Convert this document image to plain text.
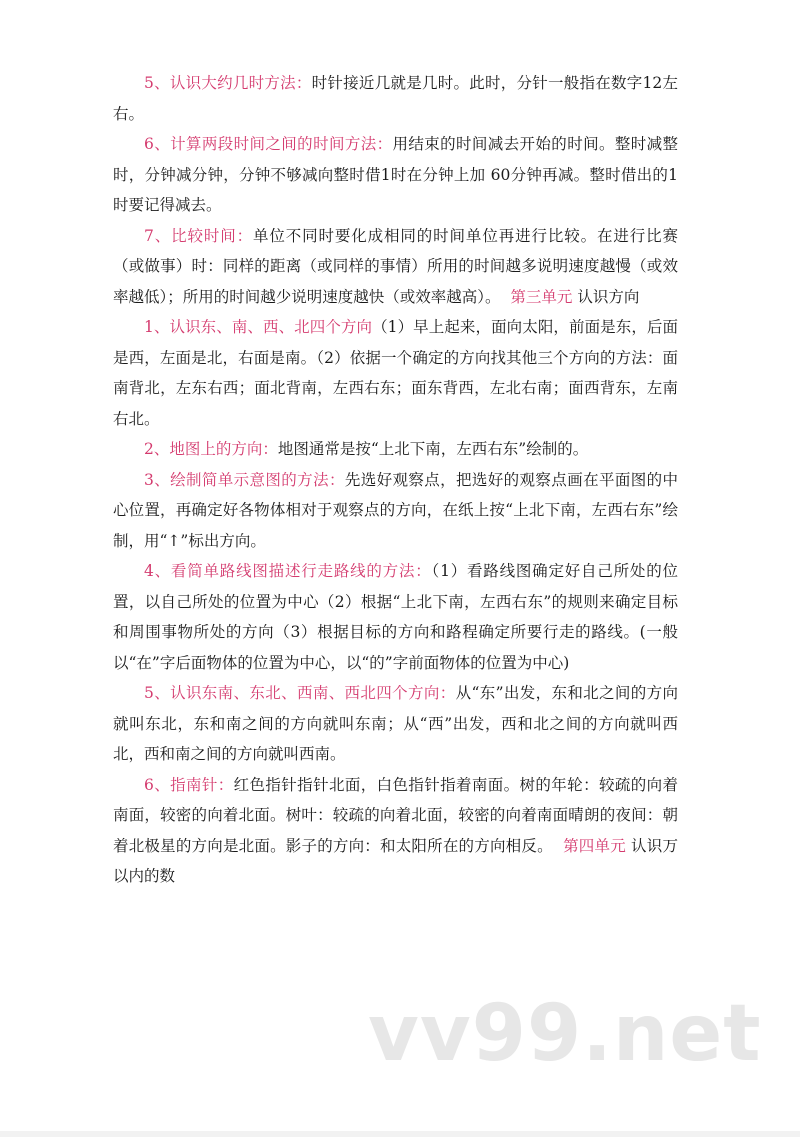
5、认识大约几时方法：时针接近几就是几时。此时，分针一般指在数字12左右。

6、计算两段时间之间的时间方法：用结束的时间减去开始的时间。整时减整时，分钟减分钟，分钟不够减向整时借1时在分钟上加 60分钟再减。整时借出的1时要记得减去。

7、比较时间：单位不同时要化成相同的时间单位再进行比较。在进行比赛（或做事）时：同样的距离（或同样的事情）所用的时间越多说明速度越慢（或效率越低）；所用的时间越少说明速度越快（或效率越高）。 第三单元 认识方向

1、认识东、南、西、北四个方向（1）早上起来，面向太阳，前面是东，后面是西，左面是北，右面是南。（2）依据一个确定的方向找其他三个方向的方法：面南背北，左东右西；面北背南，左西右东；面东背西，左北右南；面西背东，左南右北。

2、地图上的方向：地图通常是按“上北下南，左西右东”绘制的。

3、绘制简单示意图的方法：先选好观察点，把选好的观察点画在平面图的中心位置，再确定好各物体相对于观察点的方向，在纸上按“上北下南，左西右东”绘制，用“↑”标出方向。

4、看简单路线图描述行走路线的方法：（1）看路线图确定好自己所处的位置，以自己所处的位置为中心（2）根据“上北下南，左西右东”的规则来确定目标和周围事物所处的方向（3）根据目标的方向和路程确定所要行走的路线。(一般以“在”字后面物体的位置为中心，以“的”字前面物体的位置为中心)

5、认识东南、东北、西南、西北四个方向：从“东”出发，东和北之间的方向就叫东北，东和南之间的方向就叫东南；从“西”出发，西和北之间的方向就叫西北，西和南之间的方向就叫西南。

6、指南针：红色指针指针北面，白色指针指着南面。树的年轮：较疏的向着南面，较密的向着北面。树叶：较疏的向着北面，较密的向着南面晴朗的夜间：朝着北极星的方向是北面。影子的方向：和太阳所在的方向相反。 第四单元 认识万以内的数

vv99.net
